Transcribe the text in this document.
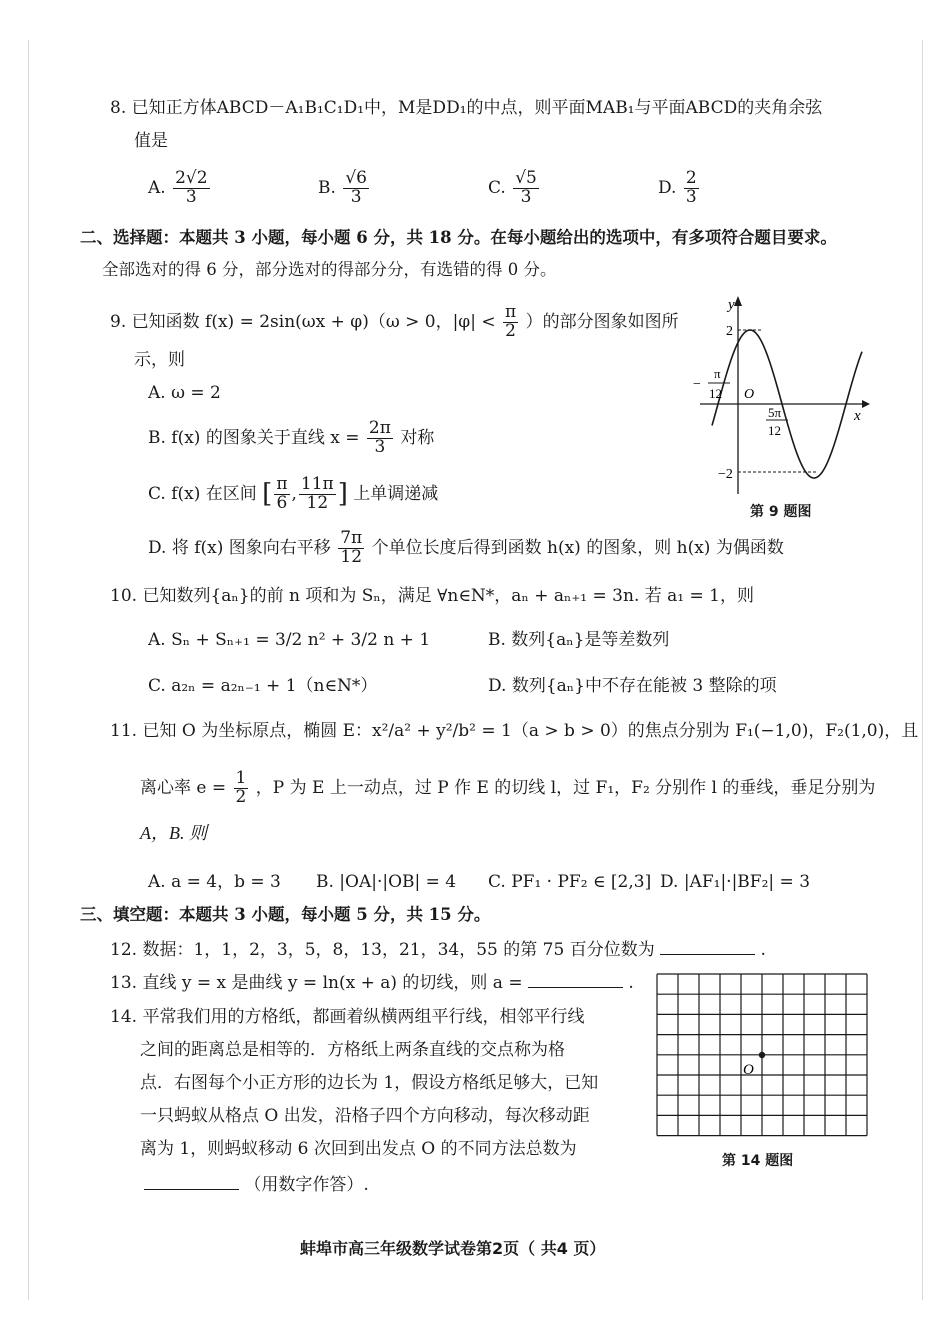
8. 已知正方体ABCD－A₁B₁C₁D₁中，M是DD₁的中点，则平面MAB₁与平面ABCD的夹角余弦
值是
A. $\frac{2√2}{3}$	B. $\frac{√6}{3}$	C. $\frac{√5}{3}$	D. $\frac{2}{3}$
二、选择题：本题共 3 小题，每小题 6 分，共 18 分。在每小题给出的选项中，有多项符合题目要求。
全部选对的得 6 分，部分选对的得部分分，有选错的得 0 分。
9. 已知函数 f(x) = 2sin(ωx + φ)（ω > 0，$|\varphi| < \frac{\pi}{2}$ ）的部分图象如图所
示，则
A. ω = 2
B. f(x) 的图象关于直线 $x = \frac{2\pi}{3}$ 对称
C. f(x) 在区间 [ $\frac{\pi}{6}$ , $\frac{11\pi}{12}$ ] 上单调递减
D. 将 f(x) 图象向右平移 $\frac{7\pi}{12}$ 个单位长度后得到函数 h(x) 的图象，则 h(x) 为偶函数
y
x
O
2
−2
−
π
12
5π
12
第 9 题图
10. 已知数列{aₙ}的前 n 项和为 Sₙ，满足 ∀n∈N*，aₙ + aₙ₊₁ = 3n. 若 a₁ = 1，则
A. Sₙ + Sₙ₊₁ = 3/2 n² + 3/2 n + 1	B. 数列{aₙ}是等差数列
C. a₂ₙ = a₂ₙ₋₁ + 1（n∈N*）	D. 数列{aₙ}中不存在能被 3 整除的项
11. 已知 O 为坐标原点，椭圆 E：x²/a² + y²/b² = 1（a > b > 0）的焦点分别为 F₁(−1,0)，F₂(1,0)，且
离心率 $e = \frac{1}{2}$ ，P 为 E 上一动点，过 P 作 E 的切线 l，过 F₁，F₂ 分别作 l 的垂线，垂足分别为
A，B. 则
A. a = 4，b = 3 B. |OA|·|OB| = 4 C. PF₁ · PF₂ ∈ [2,3] D. |AF₁|·|BF₂| = 3
三、填空题：本题共 3 小题，每小题 5 分，共 15 分。
12. 数据：1，1，2，3，5，8，13，21，34，55 的第 75 百分位数为	.
13. 直线 y = x 是曲线 y = ln(x + a) 的切线，则 a =	.
14. 平常我们用的方格纸，都画着纵横两组平行线，相邻平行线
之间的距离总是相等的．方格纸上两条直线的交点称为格
点．右图每个小正方形的边长为 1，假设方格纸足够大，已知
一只蚂蚁从格点 O 出发，沿格子四个方向移动，每次移动距
离为 1，则蚂蚁移动 6 次回到出发点 O 的不同方法总数为
（用数字作答）.
O
第 14 题图
蚌埠市高三年级数学试卷第2页（ 共4 页）
